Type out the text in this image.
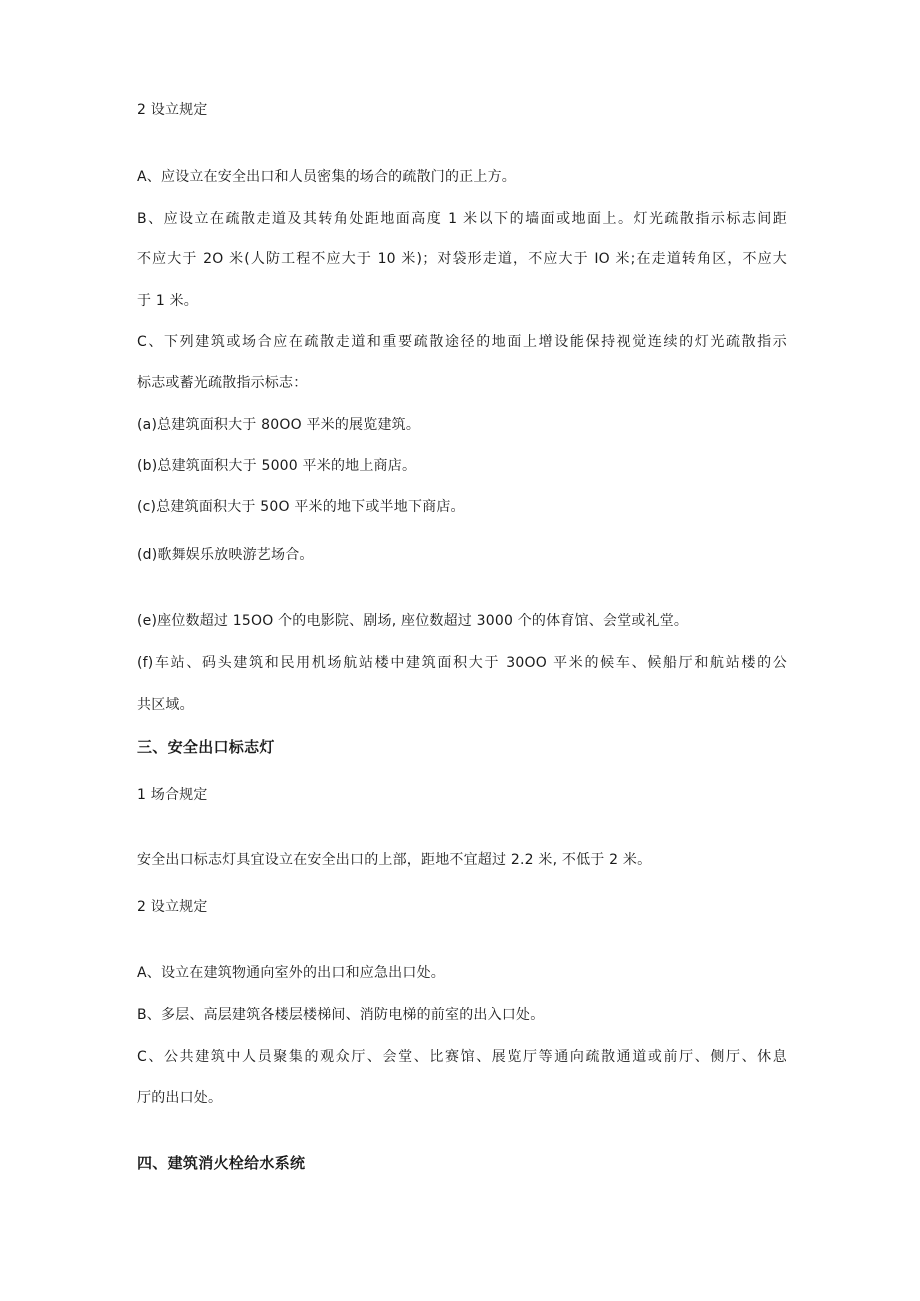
2 设立规定
A、应设立在安全出口和人员密集的场合的疏散门的正上方。
B、应设立在疏散走道及其转角处距地面高度 1 米以下的墙面或地面上。灯光疏散指示标志间距
不应大于 2O 米(人防工程不应大于 10 米)；对袋形走道，不应大于 IO 米;在走道转角区，不应大
于 1 米。
C、下列建筑或场合应在疏散走道和重要疏散途径的地面上增设能保持视觉连续的灯光疏散指示
标志或蓄光疏散指示标志：
(a)总建筑面积大于 80OO 平米的展览建筑。
(b)总建筑面积大于 5000 平米的地上商店。
(c)总建筑面积大于 50O 平米的地下或半地下商店。
(d)歌舞娱乐放映游艺场合。
(e)座位数超过 15OO 个的电影院、剧场, 座位数超过 3000 个的体育馆、会堂或礼堂。
(f)车站、码头建筑和民用机场航站楼中建筑面积大于 30OO 平米的候车、候船厅和航站楼的公
共区域。
三、安全出口标志灯
1 场合规定
安全出口标志灯具宜设立在安全出口的上部，距地不宜超过 2.2 米, 不低于 2 米。
2 设立规定
A、设立在建筑物通向室外的出口和应急出口处。
B、多层、高层建筑各楼层楼梯间、消防电梯的前室的出入口处。
C、公共建筑中人员聚集的观众厅、会堂、比赛馆、展览厅等通向疏散通道或前厅、侧厅、休息
厅的出口处。
四、建筑消火栓给水系统
